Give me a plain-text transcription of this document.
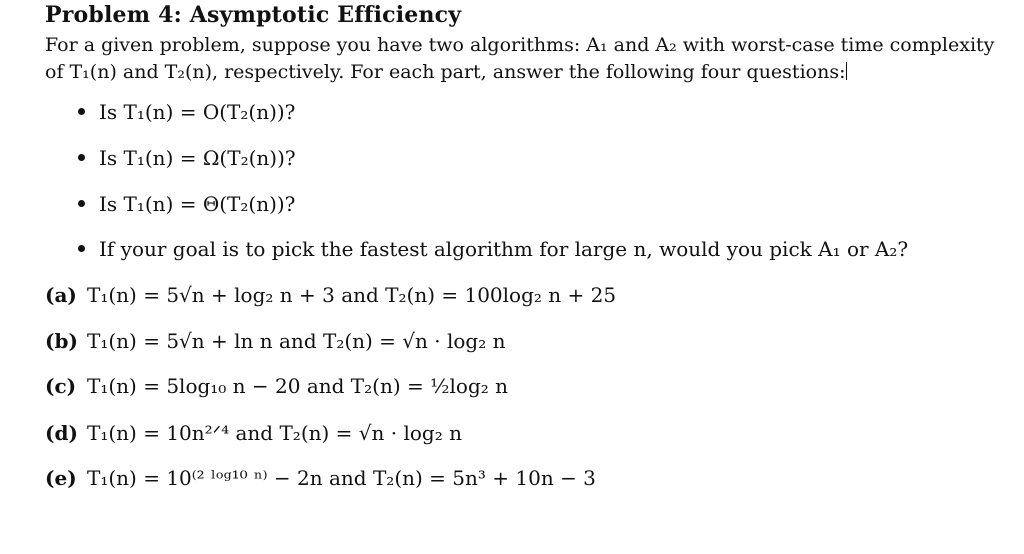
Problem 4: Asymptotic Efficiency
For a given problem, suppose you have two algorithms: A₁ and A₂ with worst-case time complexity
of T₁(n) and T₂(n), respectively. For each part, answer the following four questions:
Is T₁(n) = O(T₂(n))?
Is T₁(n) = Ω(T₂(n))?
Is T₁(n) = Θ(T₂(n))?
If your goal is to pick the fastest algorithm for large n, would you pick A₁ or A₂?
(a) T₁(n) = 5√n + log₂ n + 3 and T₂(n) = 100log₂ n + 25
(b) T₁(n) = 5√n + ln n and T₂(n) = √n · log₂ n
(c) T₁(n) = 5log₁₀ n − 20 and T₂(n) = ½log₂ n
(d) T₁(n) = 10n²ᐟ⁴ and T₂(n) = √n · log₂ n
(e) T₁(n) = 10⁽² ˡᵒᵍ¹⁰ ⁿ⁾ − 2n and T₂(n) = 5n³ + 10n − 3
